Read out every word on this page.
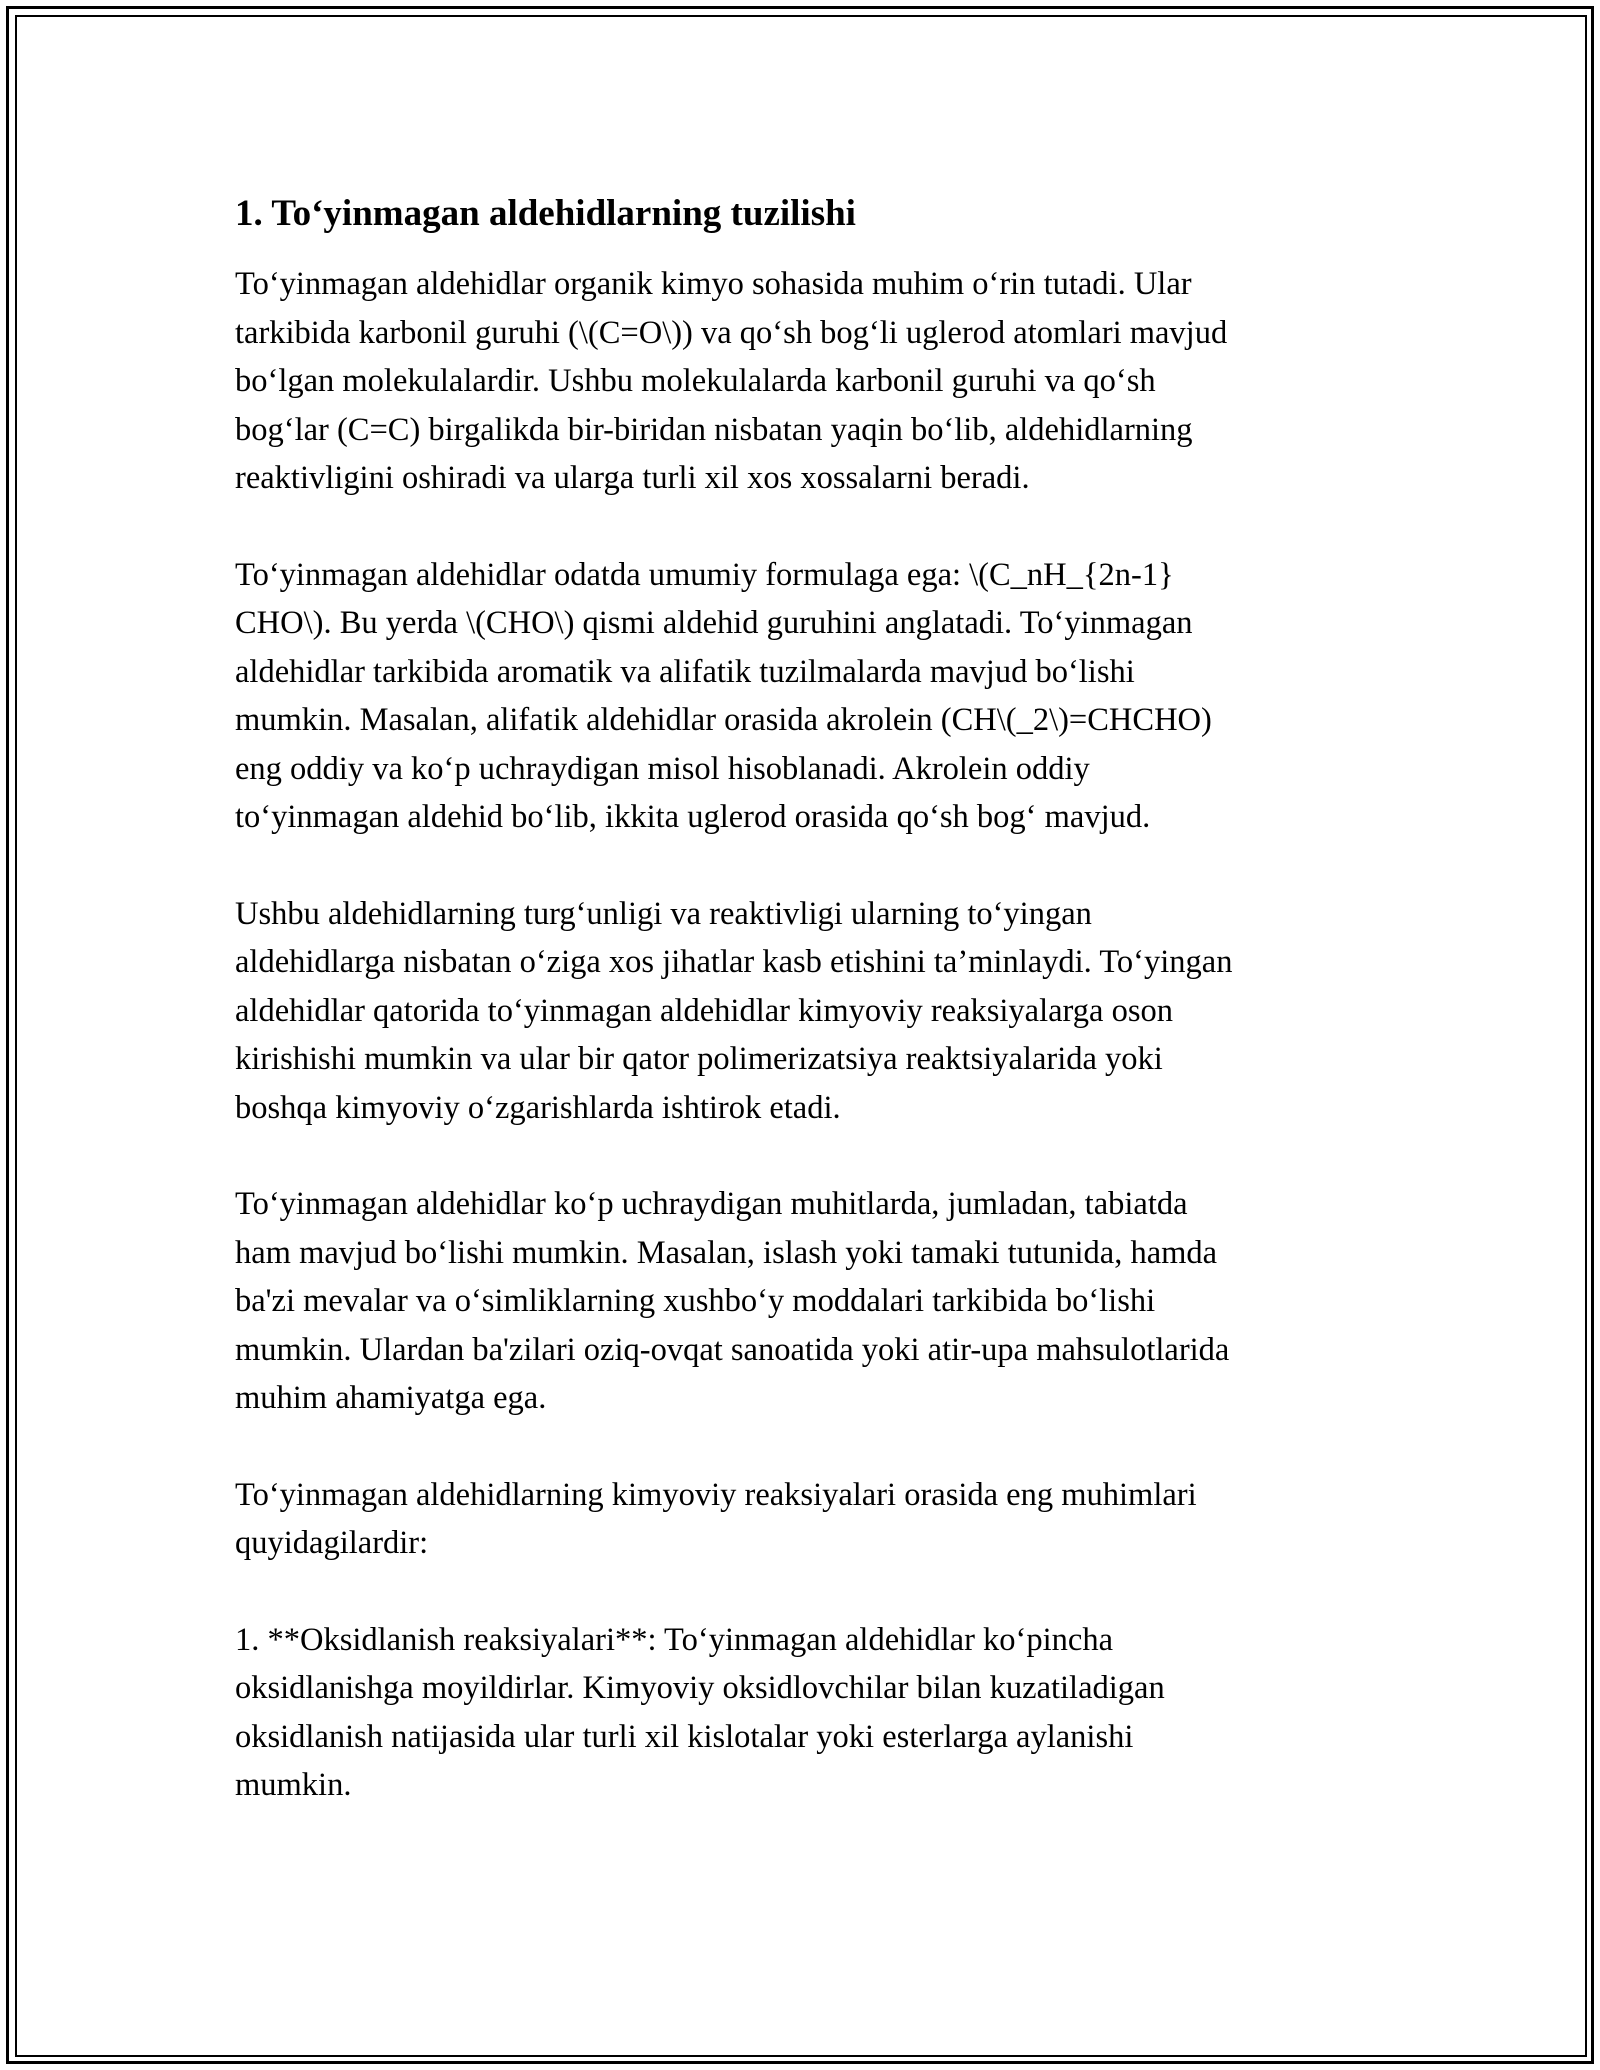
1. To‘yinmagan aldehidlarning tuzilishi
To‘yinmagan aldehidlar organik kimyo sohasida muhim o‘rin tutadi. Ular
tarkibida karbonil guruhi (\(C=O\)) va qo‘sh bog‘li uglerod atomlari mavjud
bo‘lgan molekulalardir. Ushbu molekulalarda karbonil guruhi va qo‘sh
bog‘lar (C=C) birgalikda bir-biridan nisbatan yaqin bo‘lib, aldehidlarning
reaktivligini oshiradi va ularga turli xil xos xossalarni beradi.
To‘yinmagan aldehidlar odatda umumiy formulaga ega: \(C_nH_{2n-1}
CHO\). Bu yerda \(CHO\) qismi aldehid guruhini anglatadi. To‘yinmagan
aldehidlar tarkibida aromatik va alifatik tuzilmalarda mavjud bo‘lishi
mumkin. Masalan, alifatik aldehidlar orasida akrolein (CH\(_2\)=CHCHO)
eng oddiy va ko‘p uchraydigan misol hisoblanadi. Akrolein oddiy
to‘yinmagan aldehid bo‘lib, ikkita uglerod orasida qo‘sh bog‘ mavjud.
Ushbu aldehidlarning turg‘unligi va reaktivligi ularning to‘yingan
aldehidlarga nisbatan o‘ziga xos jihatlar kasb etishini ta’minlaydi. To‘yingan
aldehidlar qatorida to‘yinmagan aldehidlar kimyoviy reaksiyalarga oson
kirishishi mumkin va ular bir qator polimerizatsiya reaktsiyalarida yoki
boshqa kimyoviy o‘zgarishlarda ishtirok etadi.
To‘yinmagan aldehidlar ko‘p uchraydigan muhitlarda, jumladan, tabiatda
ham mavjud bo‘lishi mumkin. Masalan, islash yoki tamaki tutunida, hamda
ba'zi mevalar va o‘simliklarning xushbo‘y moddalari tarkibida bo‘lishi
mumkin. Ulardan ba'zilari oziq-ovqat sanoatida yoki atir-upa mahsulotlarida
muhim ahamiyatga ega.
To‘yinmagan aldehidlarning kimyoviy reaksiyalari orasida eng muhimlari
quyidagilardir:
1. **Oksidlanish reaksiyalari**: To‘yinmagan aldehidlar ko‘pincha
oksidlanishga moyildirlar. Kimyoviy oksidlovchilar bilan kuzatiladigan
oksidlanish natijasida ular turli xil kislotalar yoki esterlarga aylanishi
mumkin.
